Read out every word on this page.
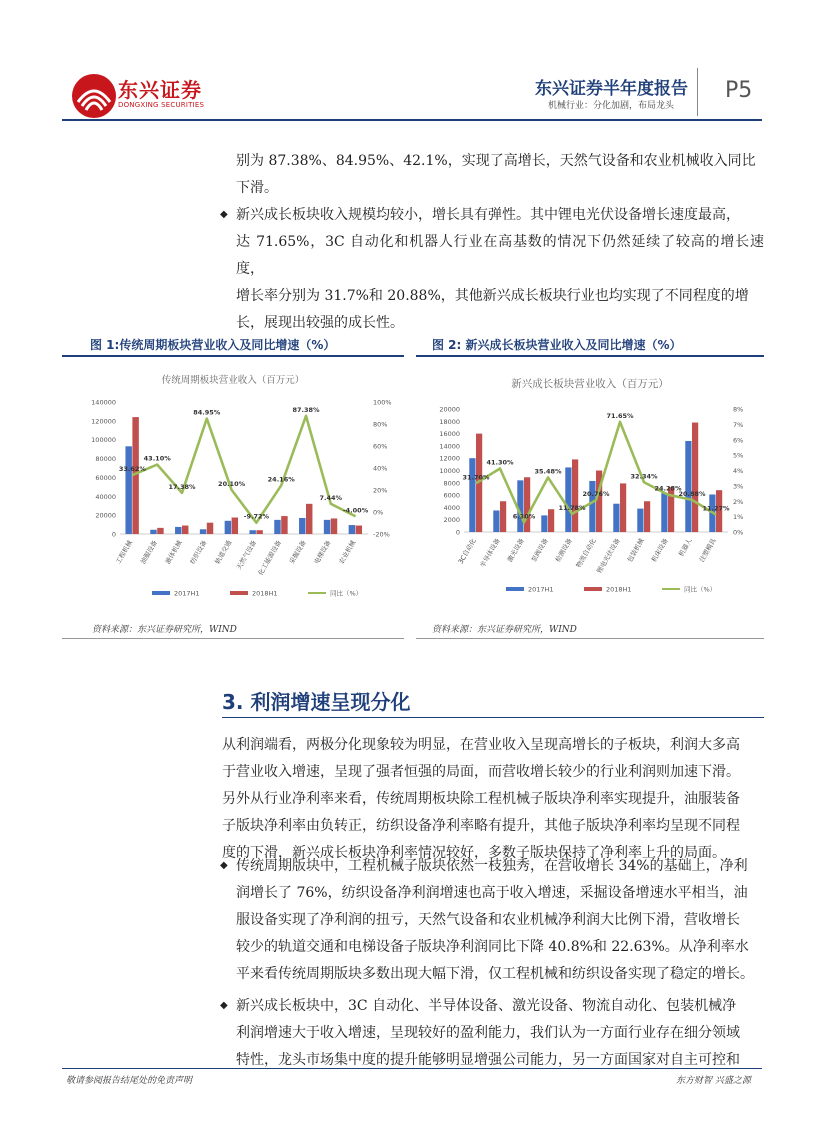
东兴证券
DONGXING SECURITIES
东兴证券半年度报告
机械行业：分化加剧，布局龙头
P5
别为 87.38%、84.95%、42.1%，实现了高增长，天然气设备和农业机械收入同比
下滑。
◆ 新兴成长板块收入规模均较小，增长具有弹性。其中锂电光伏设备增长速度最高，
达 71.65%，3C 自动化和机器人行业在高基数的情况下仍然延续了较高的增长速度，
增长率分别为 31.7%和 20.88%，其他新兴成长板块行业也均实现了不同程度的增
长，展现出较强的成长性。
图 1:传统周期板块营业收入及同比增速（%）	图 2: 新兴成长板块营业收入及同比增速（%）
传统周期板块营业收入（百万元）
0
20000
40000
60000
80000
100000
120000
140000
-20%
0%
20%
40%
60%
80%
100%
工程机械 油服设备 液体机械 纺织设备 轨道交通 天然气设备
化工能源设备 采掘设备 电梯设备 农业机械
33.62%
43.10%
17.38%
84.95%
20.10%
-9.72%
24.16%
87.38%
7.44%
-4.00%
2017H1	2018H1	同比（%）
新兴成长板块营业收入（百万元）
0
2000
4000
6000
8000
10000
12000
14000
16000
18000
20000
0%
1%
2%
3%
4%
5%
6%
7%
8%
3C自动化 半导体设备 激光设备 泵阀设备 检测设备 物流自动化
锂电光伏设备 包装机械 机床设备 机器人 注塑模具
31.70%
41.30%
6.30%
35.48%
11.78%
20.76%
71.65%
32.34%
24.28%
20.88%
11.27%
2017H1	2018H1	同比（%）
资料来源：东兴证券研究所，WIND	资料来源：东兴证券研究所，WIND
3. 利润增速呈现分化
从利润端看，两极分化现象较为明显，在营业收入呈现高增长的子板块，利润大多高
于营业收入增速，呈现了强者恒强的局面，而营收增长较少的行业利润则加速下滑。
另外从行业净利率来看，传统周期板块除工程机械子版块净利率实现提升，油服装备
子版块净利率由负转正，纺织设备净利率略有提升，其他子版块净利率均呈现不同程
度的下滑，新兴成长板块净利率情况较好，多数子版块保持了净利率上升的局面。
◆ 传统周期版块中，工程机械子版块依然一枝独秀，在营收增长 34%的基础上，净利
润增长了 76%，纺织设备净利润增速也高于收入增速，采掘设备增速水平相当，油
服设备实现了净利润的扭亏，天然气设备和农业机械净利润大比例下滑，营收增长
较少的轨道交通和电梯设备子版块净利润同比下降 40.8%和 22.63%。从净利率水
平来看传统周期版块多数出现大幅下滑，仅工程机械和纺织设备实现了稳定的增长。
◆ 新兴成长板块中，3C 自动化、半导体设备、激光设备、物流自动化、包装机械净
利润增速大于收入增速，呈现较好的盈利能力，我们认为一方面行业存在细分领域
特性，龙头市场集中度的提升能够明显增强公司能力，另一方面国家对自主可控和
敬请参阅报告结尾处的免责声明	东方财智 兴盛之源
